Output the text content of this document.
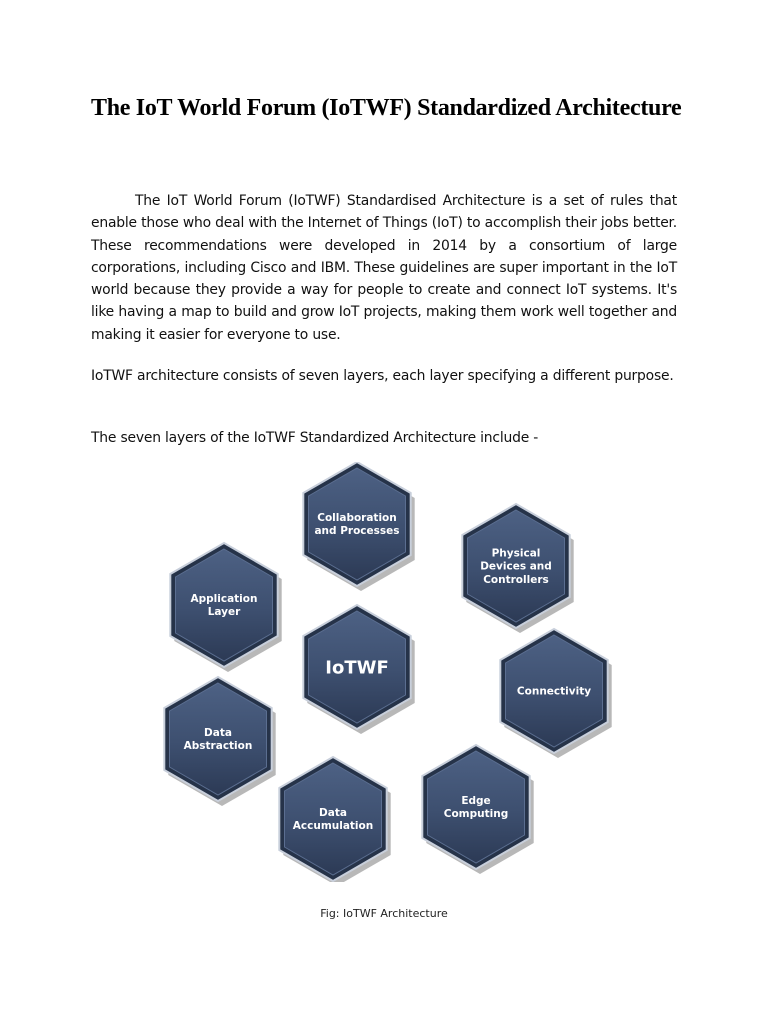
The IoT World Forum (IoTWF) Standardized Architecture

The IoT World Forum (IoTWF) Standardised Architecture is a set of rules that enable those who deal with the Internet of Things (IoT) to accomplish their jobs better. These recommendations were developed in 2014 by a consortium of large corporations, including Cisco and IBM. These guidelines are super important in the IoT world because they provide a way for people to create and connect IoT systems. It's like having a map to build and grow IoT projects, making them work well together and making it easier for everyone to use.

IoTWF architecture consists of seven layers, each layer specifying a different purpose.

The seven layers of the IoTWF Standardized Architecture include -

Collaboration
and Processes
Physical
Devices and
Controllers
Application
Layer
Connectivity
Data
Abstraction
Edge
Computing
Data
Accumulation
IoTWF

Fig: IoTWF Architecture
